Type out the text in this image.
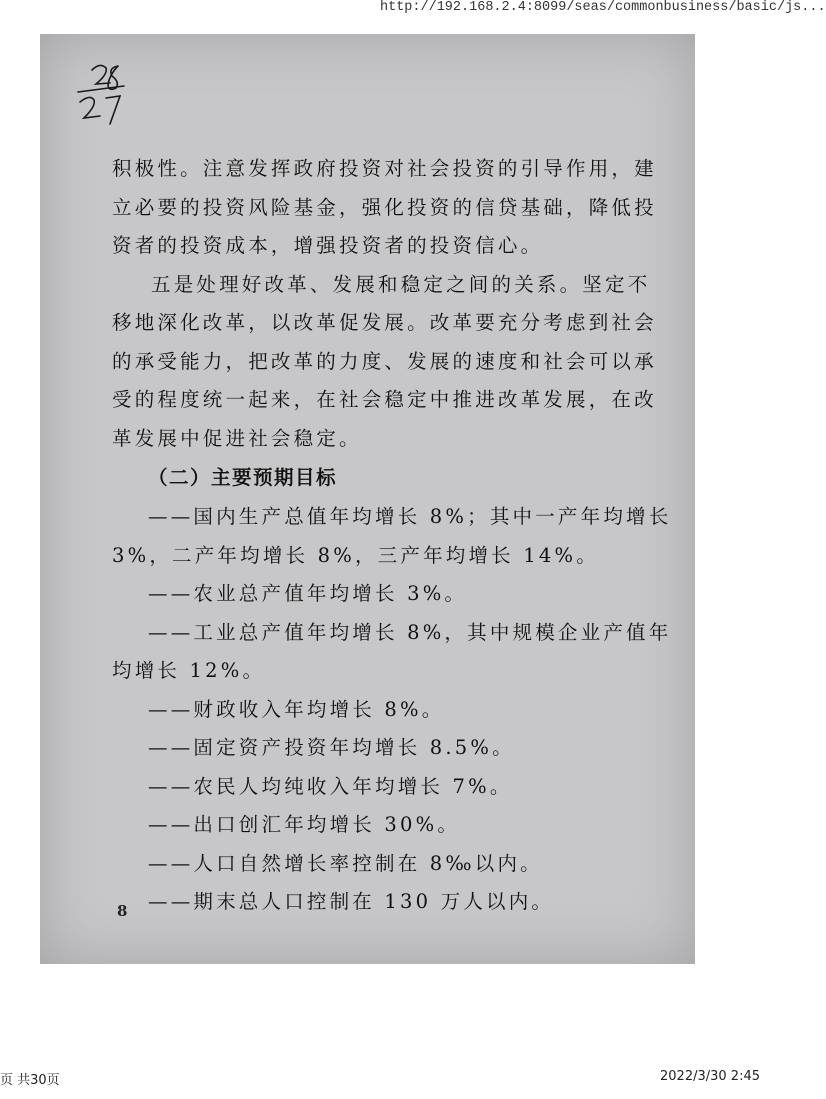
http://192.168.2.4:8099/seas/commonbusiness/basic/js...

积极性。注意发挥政府投资对社会投资的引导作用，建立必要的投资风险基金，强化投资的信贷基础，降低投资者的投资成本，增强投资者的投资信心。

五是处理好改革、发展和稳定之间的关系。坚定不移地深化改革，以改革促发展。改革要充分考虑到社会的承受能力，把改革的力度、发展的速度和社会可以承受的程度统一起来，在社会稳定中推进改革发展，在改革发展中促进社会稳定。

（二）主要预期目标

——国内生产总值年均增长 8%；其中一产年均增长 3%，二产年均增长 8%，三产年均增长 14%。

——农业总产值年均增长 3%。

——工业总产值年均增长 8%，其中规模企业产值年均增长 12%。

——财政收入年均增长 8%。

——固定资产投资年均增长 8.5%。

——农民人均纯收入年均增长 7%。

——出口创汇年均增长 30%。

——人口自然增长率控制在 8‰以内。

——期末总人口控制在 130 万人以内。

8
页 共30页	2022/3/30 2:45
